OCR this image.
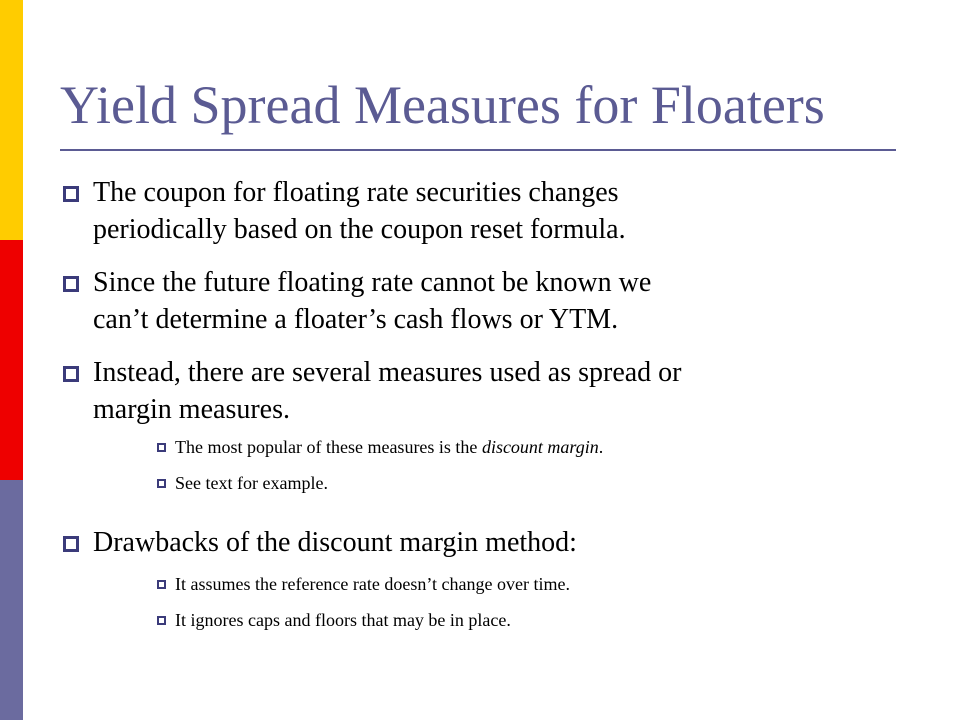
Yield Spread Measures for Floaters
The coupon for floating rate securities changes
periodically based on the coupon reset formula.
Since the future floating rate cannot be known we
can’t determine a floater’s cash flows or YTM.
Instead, there are several measures used as spread or
margin measures.
The most popular of these measures is the discount margin.
See text for example.
Drawbacks of the discount margin method:
It assumes the reference rate doesn’t change over time.
It ignores caps and floors that may be in place.
